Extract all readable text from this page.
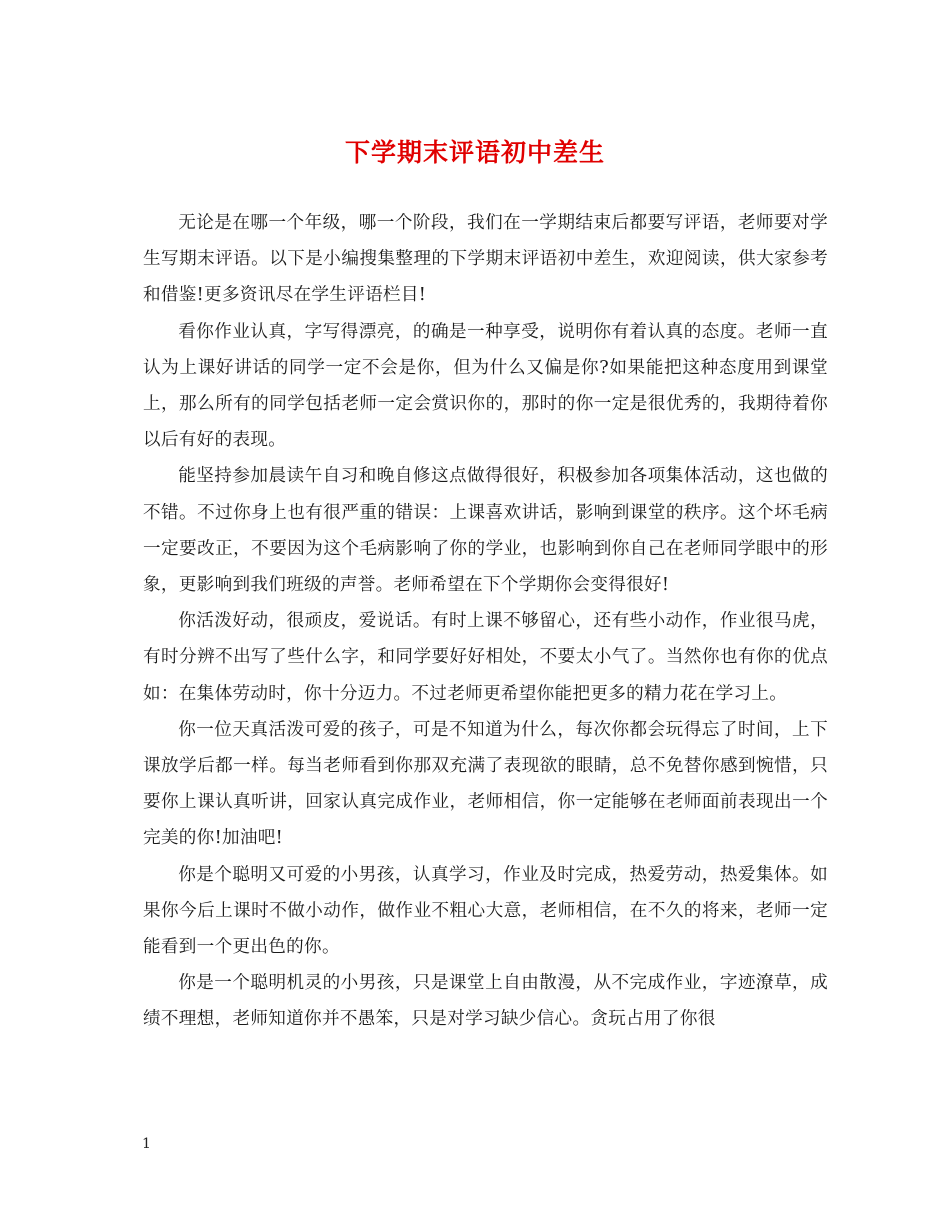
下学期末评语初中差生

无论是在哪一个年级，哪一个阶段，我们在一学期结束后都要写评语，老师要对学生写期末评语。以下是小编搜集整理的下学期末评语初中差生，欢迎阅读，供大家参考和借鉴!更多资讯尽在学生评语栏目!

看你作业认真，字写得漂亮，的确是一种享受，说明你有着认真的态度。老师一直认为上课好讲话的同学一定不会是你，但为什么又偏是你?如果能把这种态度用到课堂上，那么所有的同学包括老师一定会赏识你的，那时的你一定是很优秀的，我期待着你以后有好的表现。

能坚持参加晨读午自习和晚自修这点做得很好，积极参加各项集体活动，这也做的不错。不过你身上也有很严重的错误：上课喜欢讲话，影响到课堂的秩序。这个坏毛病一定要改正，不要因为这个毛病影响了你的学业，也影响到你自己在老师同学眼中的形象，更影响到我们班级的声誉。老师希望在下个学期你会变得很好!

你活泼好动，很顽皮，爱说话。有时上课不够留心，还有些小动作，作业很马虎，有时分辨不出写了些什么字，和同学要好好相处，不要太小气了。当然你也有你的优点如：在集体劳动时，你十分迈力。不过老师更希望你能把更多的精力花在学习上。

你一位天真活泼可爱的孩子，可是不知道为什么，每次你都会玩得忘了时间，上下课放学后都一样。每当老师看到你那双充满了表现欲的眼睛，总不免替你感到惋惜，只要你上课认真听讲，回家认真完成作业，老师相信，你一定能够在老师面前表现出一个完美的你!加油吧!

你是个聪明又可爱的小男孩，认真学习，作业及时完成，热爱劳动，热爱集体。如果你今后上课时不做小动作，做作业不粗心大意，老师相信，在不久的将来，老师一定能看到一个更出色的你。

你是一个聪明机灵的小男孩，只是课堂上自由散漫，从不完成作业，字迹潦草，成绩不理想，老师知道你并不愚笨，只是对学习缺少信心。贪玩占用了你很

1
